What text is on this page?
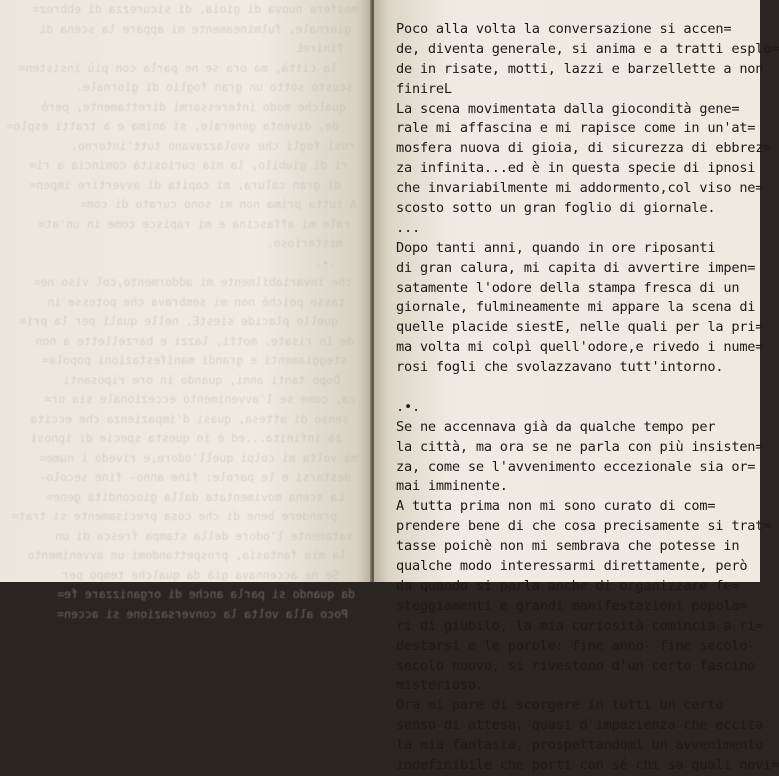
mosfera nuova di gioia, di sicurezza di ebbrez=
giornale, fulmineamente mi appare la scena di
finireL
la città, ma ora se ne parla con più insisten=
scosto sotto un gran foglio di giornale.
qualche modo interessarmi direttamente, però
de, diventa generale, si anima e a tratti esplo=
rosi fogli che svolazzavano tutt'intorno.
ri di giubilo, la mia curiosità comincia a ri=
di gran calura, mi capita di avvertire impen=
A tutta prima non mi sono curato di com=
rale mi affascina e mi rapisce come in un'at=
misterioso.
.•.
che invariabilmente mi addormento,col viso ne=
tasse poichè non mi sembrava che potesse in
quelle placide siestE, nelle quali per la pri=
de in risate, motti, lazzi e barzellette a non
steggiamenti e grandi manifestazioni popola=
Dopo tanti anni, quando in ore riposanti
za, come se l'avvenimento eccezionale sia or=
senso di attesa, quasi d'impazienza che eccita
za infinita...ed è in questa specie di ipnosi
ma volta mi colpì quell'odore,e rivedo i nume=
destarsi e le parole: fine anno- fine secolo-
La scena movimentata dalla giocondità gene=
prendere bene di che cosa precisamente si trat=
satamente l'odore della stampa fresca di un
la mia fantasia, prospettandomi un avvenimento
Se ne accennava già da qualche tempo per
da quando si parla anche di organizzare fe=
Poco alla volta la conversazione si accen=
Poco alla volta la conversazione si accen=
de, diventa generale, si anima e a tratti esplo=
de in risate, motti, lazzi e barzellette a non
finireL
La scena movimentata dalla giocondità gene=
rale mi affascina e mi rapisce come in un'at=
mosfera nuova di gioia, di sicurezza di ebbrez=
za infinita...ed è in questa specie di ipnosi
che invariabilmente mi addormento,col viso ne=
scosto sotto un gran foglio di giornale.
...
Dopo tanti anni, quando in ore riposanti
di gran calura, mi capita di avvertire impen=
satamente l'odore della stampa fresca di un
giornale, fulmineamente mi appare la scena di
quelle placide siestE, nelle quali per la pri=
ma volta mi colpì quell'odore,e rivedo i nume=
rosi fogli che svolazzavano tutt'intorno.
.•.
Se ne accennava già da qualche tempo per
la città, ma ora se ne parla con più insisten=
za, come se l'avvenimento eccezionale sia or=
mai imminente.
A tutta prima non mi sono curato di com=
prendere bene di che cosa precisamente si trat=
tasse poichè non mi sembrava che potesse in
qualche modo interessarmi direttamente, però
da quando si parla anche di organizzare fe=
steggiamenti e grandi manifestazioni popola=
ri di giubilo, la mia curiosità comincia a ri=
destarsi e le parole: fine anno- fine secolo-
secolo nuovo, si rivestono d'un certo fascino
misterioso.
Ora mi pare di scorgere in tutti un certo
senso di attesa, quasi d'impazienza che eccita
la mia fantasia, prospettandomi un avvenimento
indefinibile che porti con sé chi sa quali novi=
